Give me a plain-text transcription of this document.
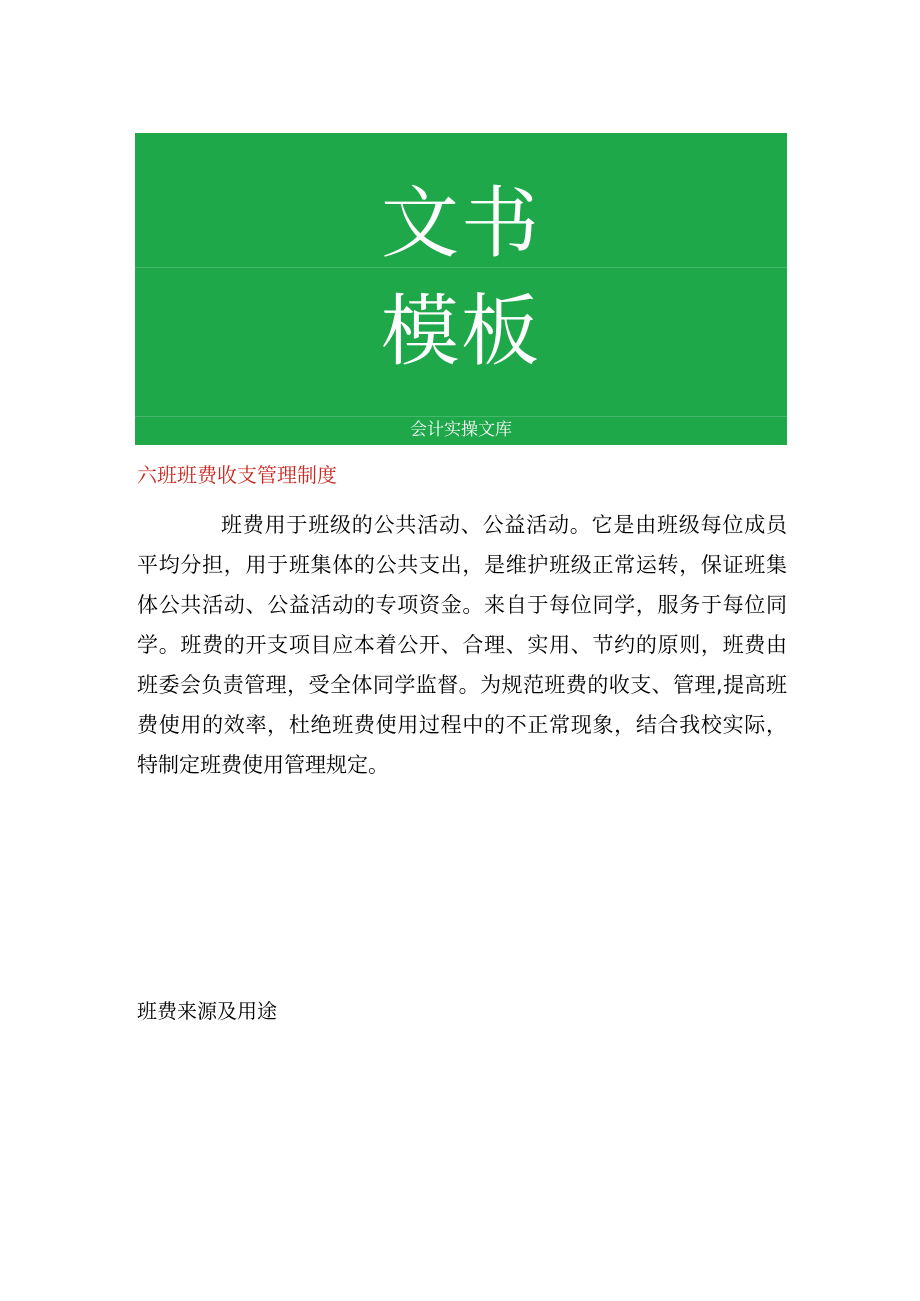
文书
模板
会计实操文库
六班班费收支管理制度

班费用于班级的公共活动、公益活动。它是由班级每位成员平均分担，用于班集体的公共支出，是维护班级正常运转，保证班集体公共活动、公益活动的专项资金。来自于每位同学，服务于每位同学。班费的开支项目应本着公开、合理、实用、节约的原则，班费由班委会负责管理，受全体同学监督。为规范班费的收支、管理,提高班费使用的效率，杜绝班费使用过程中的不正常现象，结合我校实际，特制定班费使用管理规定。

班费来源及用途
